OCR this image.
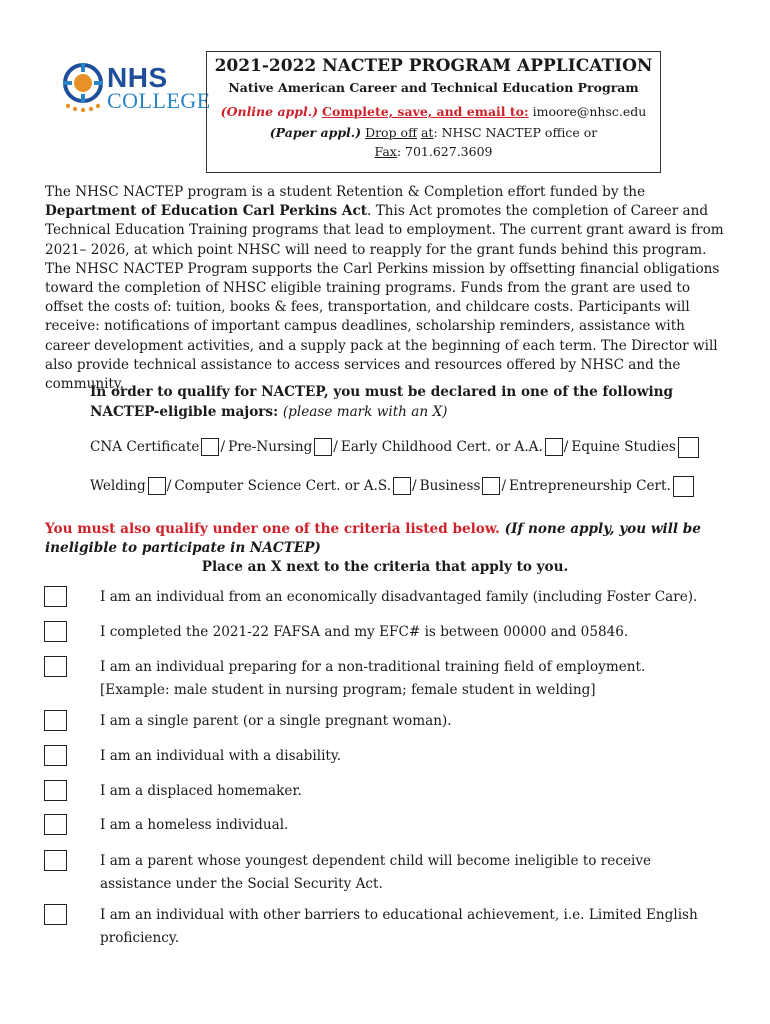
NHS
COLLEGE
2021-2022 NACTEP PROGRAM APPLICATION
Native American Career and Technical Education Program
(Online appl.) Complete, save, and email to: imoore@nhsc.edu
(Paper appl.) Drop off at: NHSC NACTEP office or
Fax: 701.627.3609
The NHSC NACTEP program is a student Retention & Completion effort funded by the Department of Education Carl Perkins Act. This Act promotes the completion of Career and Technical Education Training programs that lead to employment. The current grant award is from 2021– 2026, at which point NHSC will need to reapply for the grant funds behind this program. The NHSC NACTEP Program supports the Carl Perkins mission by offsetting financial obligations toward the completion of NHSC eligible training programs. Funds from the grant are used to offset the costs of: tuition, books & fees, transportation, and childcare costs. Participants will receive: notifications of important campus deadlines, scholarship reminders, assistance with career development activities, and a supply pack at the beginning of each term. The Director will also provide technical assistance to access services and resources offered by NHSC and the community.
In order to qualify for NACTEP, you must be declared in one of the following NACTEP-eligible majors: (please mark with an X)
CNA Certificate / Pre-Nursing / Early Childhood Cert. or A.A. / Equine Studies
Welding / Computer Science Cert. or A.S. / Business / Entrepreneurship Cert.
You must also qualify under one of the criteria listed below. (If none apply, you will be ineligible to participate in NACTEP)
Place an X next to the criteria that apply to you.
I am an individual from an economically disadvantaged family (including Foster Care).
I completed the 2021-22 FAFSA and my EFC# is between 00000 and 05846.
I am an individual preparing for a non-traditional training field of employment. [Example: male student in nursing program; female student in welding]
I am a single parent (or a single pregnant woman).
I am an individual with a disability.
I am a displaced homemaker.
I am a homeless individual.
I am a parent whose youngest dependent child will become ineligible to receive assistance under the Social Security Act.
I am an individual with other barriers to educational achievement, i.e. Limited English proficiency.
